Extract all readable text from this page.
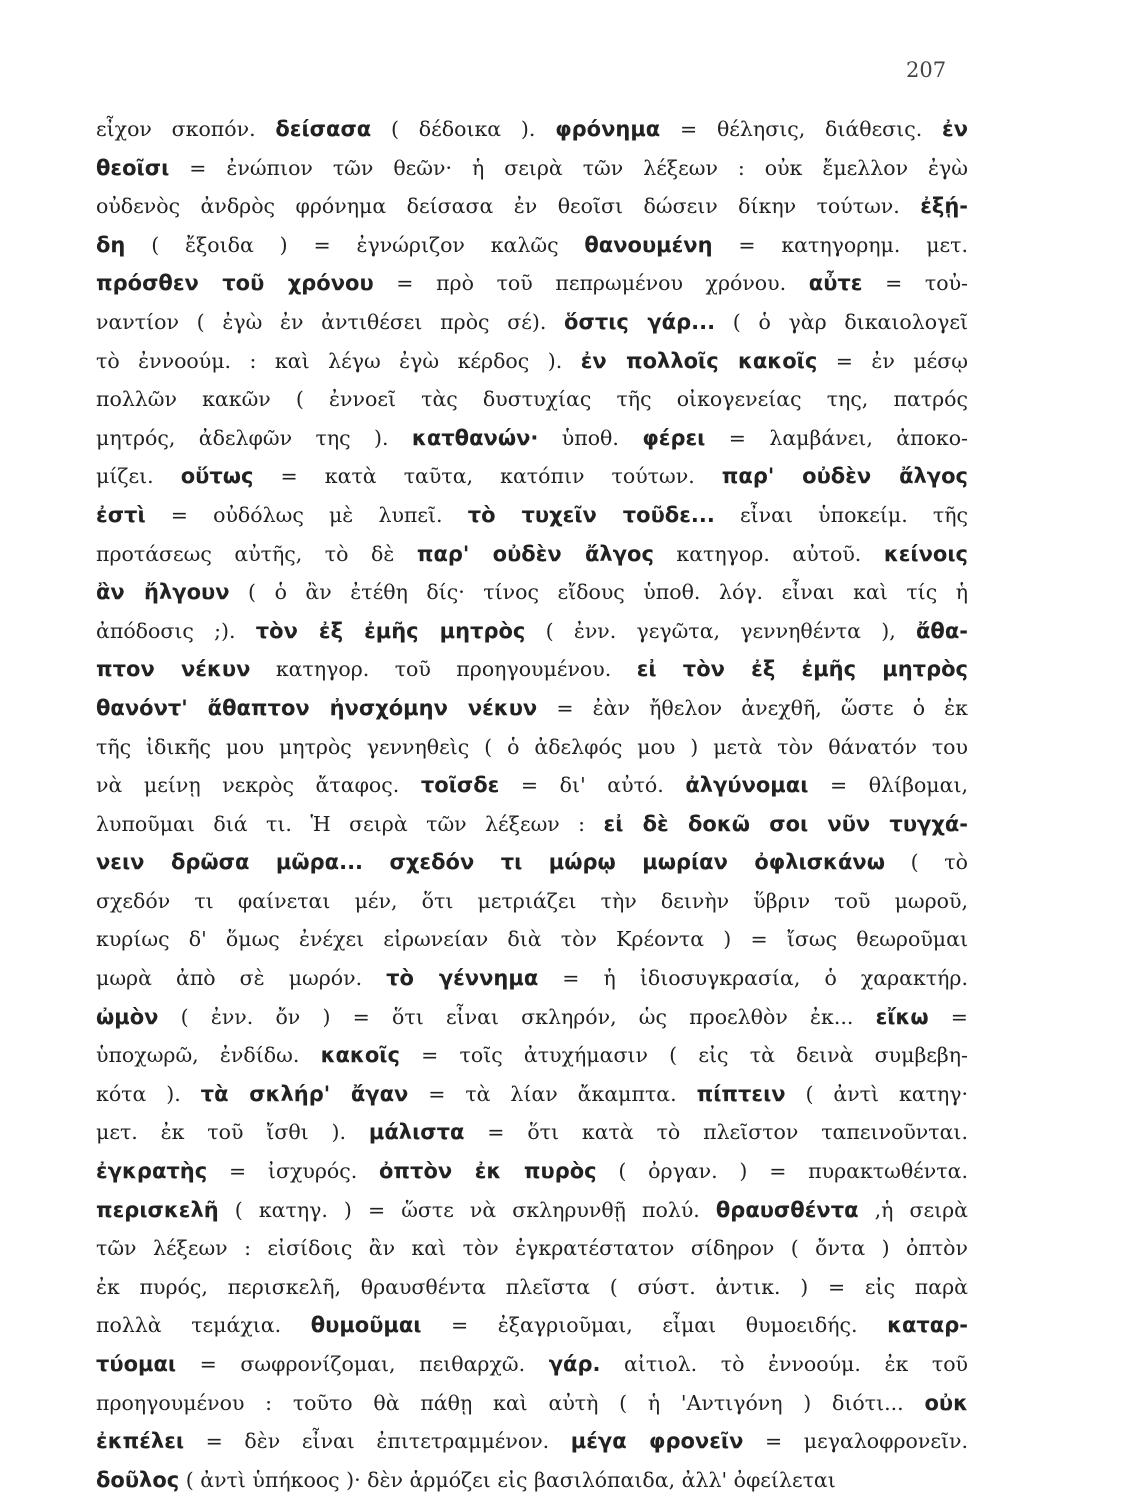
207
εἶχον σκοπόν. δείσασα ( δέδοικα ). φρόνημα = θέλησις, διάθεσις. ἐν
θεοῖσι = ἐνώπιον τῶν θεῶν· ἡ σειρὰ τῶν λέξεων : οὐκ ἔμελλον ἐγὼ
οὐδενὸς ἀνδρὸς φρόνημα δείσασα ἐν θεοῖσι δώσειν δίκην τούτων. ἐξῄ-
δη ( ἔξοιδα ) = ἐγνώριζον καλῶς θανουμένη = κατηγορημ. μετ.
πρόσθεν τοῦ χρόνου = πρὸ τοῦ πεπρωμένου χρόνου. αὖτε = τοὐ-
ναντίον ( ἐγὼ ἐν ἀντιθέσει πρὸς σέ). ὅστις γάρ... ( ὁ γὰρ δικαιολογεῖ
τὸ ἐννοούμ. : καὶ λέγω ἐγὼ κέρδος ). ἐν πολλοῖς κακοῖς = ἐν μέσῳ
πολλῶν κακῶν ( ἐννοεῖ τὰς δυστυχίας τῆς οἰκογενείας της, πατρός
μητρός, ἀδελφῶν της ). κατθανών· ὑποθ. φέρει = λαμβάνει, ἀποκο-
μίζει. οὕτως = κατὰ ταῦτα, κατόπιν τούτων. παρ' οὐδὲν ἄλγος
ἐστὶ = οὐδόλως μὲ λυπεῖ. τὸ τυχεῖν τοῦδε... εἶναι ὑποκείμ. τῆς
προτάσεως αὐτῆς, τὸ δὲ παρ' οὐδὲν ἄλγος κατηγορ. αὐτοῦ. κείνοις
ἂν ἤλγουν ( ὁ ἂν ἐτέθη δίς· τίνος εἴδους ὑποθ. λόγ. εἶναι καὶ τίς ἡ
ἀπόδοσις ;). τὸν ἐξ ἐμῆς μητρὸς ( ἐνν. γεγῶτα, γεννηθέντα ), ἄθα-
πτον νέκυν κατηγορ. τοῦ προηγουμένου. εἰ τὸν ἐξ ἐμῆς μητρὸς
θανόντ' ἄθαπτον ἠνσχόμην νέκυν = ἐὰν ἤθελον ἀνεχθῆ, ὥστε ὁ ἐκ
τῆς ἰδικῆς μου μητρὸς γεννηθεὶς ( ὁ ἀδελφός μου ) μετὰ τὸν θάνατόν του
νὰ μείνῃ νεκρὸς ἄταφος. τοῖσδε = δι' αὐτό. ἀλγύνομαι = θλίβομαι,
λυποῦμαι διά τι. Ἡ σειρὰ τῶν λέξεων : εἰ δὲ δοκῶ σοι νῦν τυγχά-
νειν δρῶσα μῶρα... σχεδόν τι μώρῳ μωρίαν ὀφλισκάνω ( τὸ
σχεδόν τι φαίνεται μέν, ὅτι μετριάζει τὴν δεινὴν ὕβριν τοῦ μωροῦ,
κυρίως δ' ὅμως ἐνέχει εἰρωνείαν διὰ τὸν Κρέοντα ) = ἴσως θεωροῦμαι
μωρὰ ἀπὸ σὲ μωρόν. τὸ γέννημα = ἡ ἰδιοσυγκρασία, ὁ χαρακτήρ.
ὠμὸν ( ἐνν. ὄν ) = ὅτι εἶναι σκληρόν, ὡς προελθὸν ἐκ... εἴκω =
ὑποχωρῶ, ἐνδίδω. κακοῖς = τοῖς ἀτυχήμασιν ( εἰς τὰ δεινὰ συμβεβη-
κότα ). τὰ σκλήρ' ἄγαν = τὰ λίαν ἄκαμπτα. πίπτειν ( ἀντὶ κατηγ·
μετ. ἐκ τοῦ ἴσθι ). μάλιστα = ὅτι κατὰ τὸ πλεῖστον ταπεινοῦνται.
ἐγκρατὴς = ἰσχυρός. ὀπτὸν ἐκ πυρὸς ( ὀργαν. ) = πυρακτωθέντα.
περισκελῆ ( κατηγ. ) = ὥστε νὰ σκληρυνθῇ πολύ. θραυσθέντα ,ἡ σειρὰ
τῶν λέξεων : εἰσίδοις ἂν καὶ τὸν ἐγκρατέστατον σίδηρον ( ὄντα ) ὀπτὸν
ἐκ πυρός, περισκελῆ, θραυσθέντα πλεῖστα ( σύστ. ἀντικ. ) = εἰς παρὰ
πολλὰ τεμάχια. θυμοῦμαι = ἐξαγριοῦμαι, εἶμαι θυμοειδής. καταρ-
τύομαι = σωφρονίζομαι, πειθαρχῶ. γάρ. αἰτιολ. τὸ ἐννοούμ. ἐκ τοῦ
προηγουμένου : τοῦτο θὰ πάθῃ καὶ αὐτὴ ( ἡ 'Αντιγόνη ) διότι... οὐκ
ἐκπέλει = δὲν εἶναι ἐπιτετραμμένον. μέγα φρονεῖν = μεγαλοφρονεῖν.
δοῦλος ( ἀντὶ ὑπήκοος )· δὲν ἁρμόζει εἰς βασιλόπαιδα, ἀλλ' ὀφείλεται
